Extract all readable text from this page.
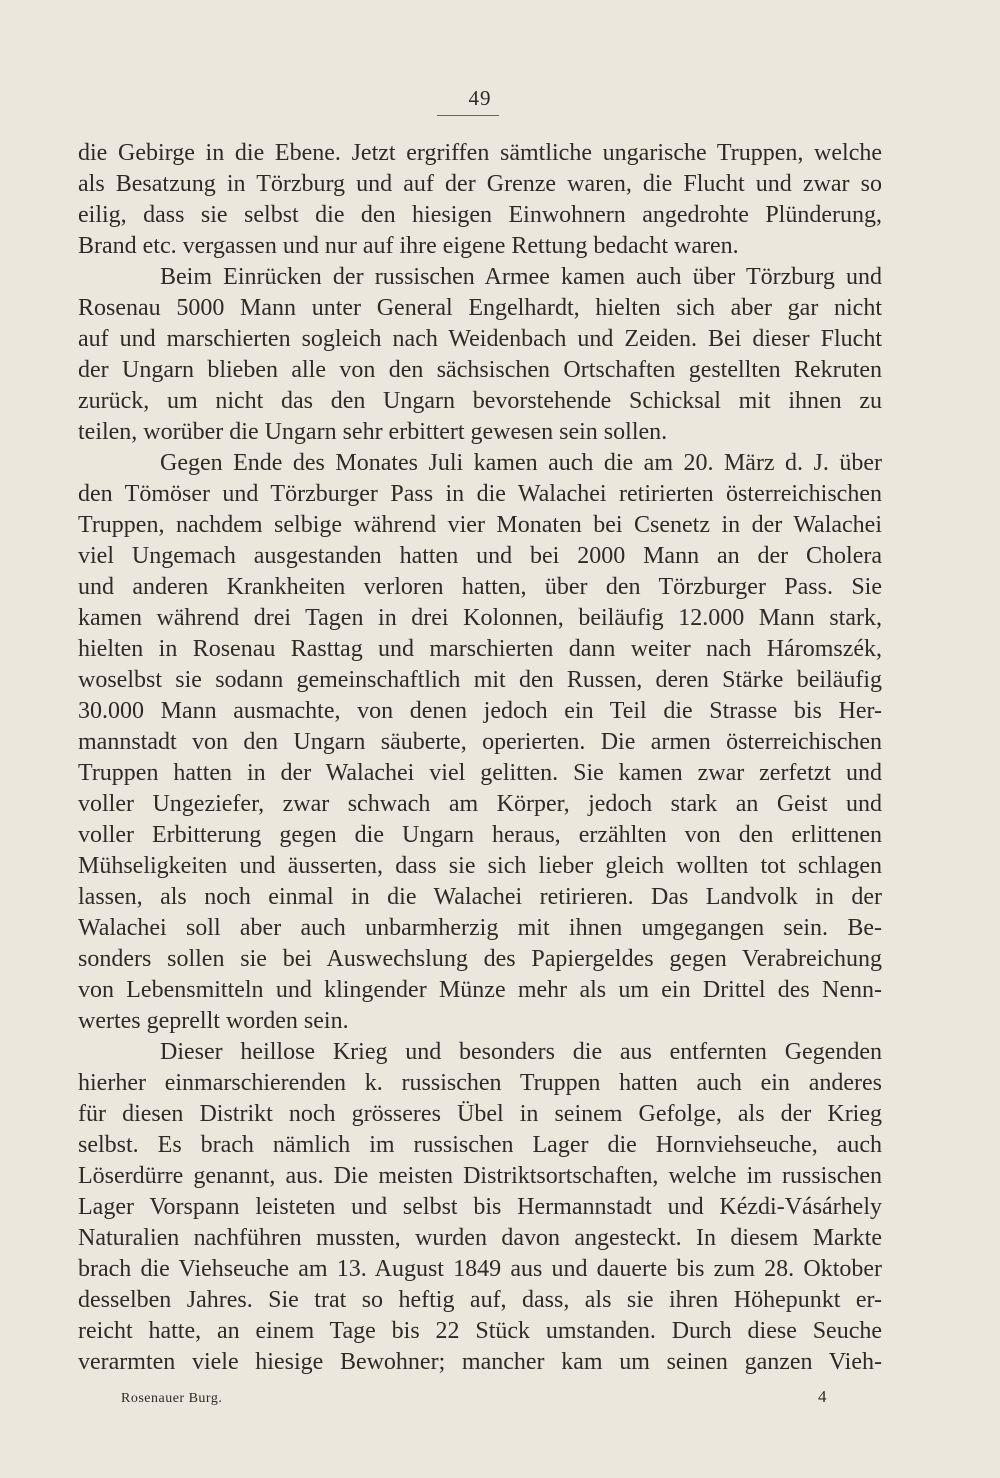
49
die Gebirge in die Ebene. Jetzt ergriffen sämtliche ungarische Truppen, welche
als Besatzung in Törzburg und auf der Grenze waren, die Flucht und zwar so
eilig, dass sie selbst die den hiesigen Einwohnern angedrohte Plünderung,
Brand etc. vergassen und nur auf ihre eigene Rettung bedacht waren.
Beim Einrücken der russischen Armee kamen auch über Törzburg und
Rosenau 5000 Mann unter General Engelhardt, hielten sich aber gar nicht
auf und marschierten sogleich nach Weidenbach und Zeiden. Bei dieser Flucht
der Ungarn blieben alle von den sächsischen Ortschaften gestellten Rekruten
zurück, um nicht das den Ungarn bevorstehende Schicksal mit ihnen zu
teilen, worüber die Ungarn sehr erbittert gewesen sein sollen.
Gegen Ende des Monates Juli kamen auch die am 20. März d. J. über
den Tömöser und Törzburger Pass in die Walachei retirierten österreichischen
Truppen, nachdem selbige während vier Monaten bei Csenetz in der Walachei
viel Ungemach ausgestanden hatten und bei 2000 Mann an der Cholera
und anderen Krankheiten verloren hatten, über den Törzburger Pass. Sie
kamen während drei Tagen in drei Kolonnen, beiläufig 12.000 Mann stark,
hielten in Rosenau Rasttag und marschierten dann weiter nach Háromszék,
woselbst sie sodann gemeinschaftlich mit den Russen, deren Stärke beiläufig
30.000 Mann ausmachte, von denen jedoch ein Teil die Strasse bis Her-
mannstadt von den Ungarn säuberte, operierten. Die armen österreichischen
Truppen hatten in der Walachei viel gelitten. Sie kamen zwar zerfetzt und
voller Ungeziefer, zwar schwach am Körper, jedoch stark an Geist und
voller Erbitterung gegen die Ungarn heraus, erzählten von den erlittenen
Mühseligkeiten und äusserten, dass sie sich lieber gleich wollten tot schlagen
lassen, als noch einmal in die Walachei retirieren. Das Landvolk in der
Walachei soll aber auch unbarmherzig mit ihnen umgegangen sein. Be-
sonders sollen sie bei Auswechslung des Papiergeldes gegen Verabreichung
von Lebensmitteln und klingender Münze mehr als um ein Drittel des Nenn-
wertes geprellt worden sein.
Dieser heillose Krieg und besonders die aus entfernten Gegenden
hierher einmarschierenden k. russischen Truppen hatten auch ein anderes
für diesen Distrikt noch grösseres Übel in seinem Gefolge, als der Krieg
selbst. Es brach nämlich im russischen Lager die Hornviehseuche, auch
Löserdürre genannt, aus. Die meisten Distriktsortschaften, welche im russischen
Lager Vorspann leisteten und selbst bis Hermannstadt und Kézdi-Vásárhely
Naturalien nachführen mussten, wurden davon angesteckt. In diesem Markte
brach die Viehseuche am 13. August 1849 aus und dauerte bis zum 28. Oktober
desselben Jahres. Sie trat so heftig auf, dass, als sie ihren Höhepunkt er-
reicht hatte, an einem Tage bis 22 Stück umstanden. Durch diese Seuche
verarmten viele hiesige Bewohner; mancher kam um seinen ganzen Vieh-
Rosenauer Burg.	4
